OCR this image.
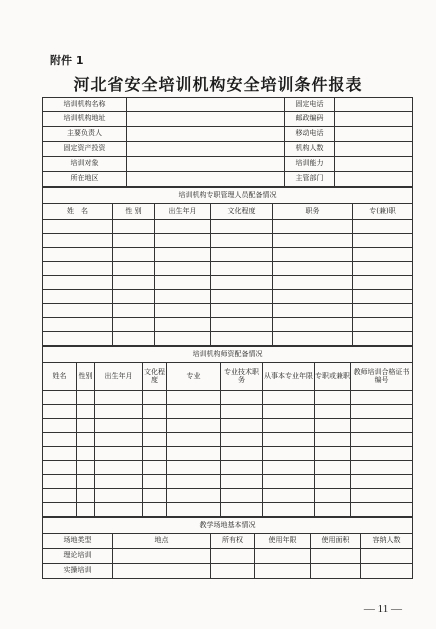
附件 1
河北省安全培训机构安全培训条件报表
培训机构名称		固定电话	
培训机构地址		邮政编码	
主要负责人		移动电话	
固定资产投资		机构人数	
培训对象		培训能力	
所在地区		主管部门	
培训机构专职管理人员配备情况					
姓　名	性 别	出生年月	文化程度	职务	专(兼)职

培训机构师资配备情况								
姓名	性别	出生年月	文化程度	专业	专业技术职务	从事本专业年限	专职或兼职	教师培训合格证书编号

教学场地基本情况					
场地类型	地点	所有权	使用年限	使用面积	容纳人数
理论培训					
实操培训					
— 11 —
